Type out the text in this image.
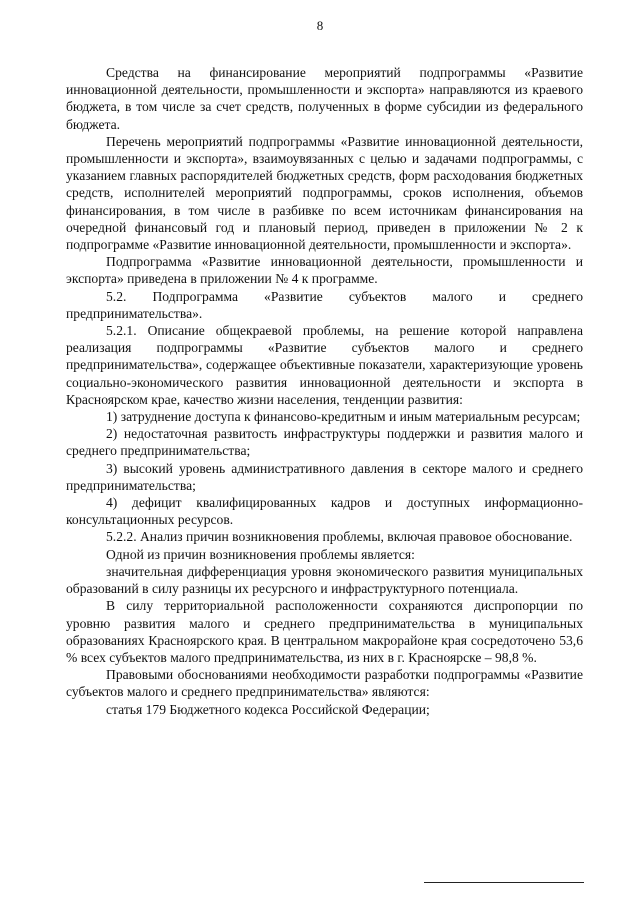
8

Средства на финансирование мероприятий подпрограммы «Развитие инновационной деятельности, промышленности и экспорта» направляются из краевого бюджета, в том числе за счет средств, полученных в форме субсидии из федерального бюджета.

Перечень мероприятий подпрограммы «Развитие инновационной деятельности, промышленности и экспорта», взаимоувязанных с целью и задачами подпрограммы, с указанием главных распорядителей бюджетных средств, форм расходования бюджетных средств, исполнителей мероприятий подпрограммы, сроков исполнения, объемов финансирования, в том числе в разбивке по всем источникам финансирования на очередной финансовый год и плановый период, приведен в приложении № 2 к подпрограмме «Развитие инновационной деятельности, промышленности и экспорта».

Подпрограмма «Развитие инновационной деятельности, промышленности и экспорта» приведена в приложении № 4 к программе.

5.2. Подпрограмма «Развитие субъектов малого и среднего предпринимательства».

5.2.1. Описание общекраевой проблемы, на решение которой направлена реализация подпрограммы «Развитие субъектов малого и среднего предпринимательства», содержащее объективные показатели, характеризующие уровень социально-экономического развития инновационной деятельности и экспорта в Красноярском крае, качество жизни населения, тенденции развития:

1) затруднение доступа к финансово-кредитным и иным материальным ресурсам;

2) недостаточная развитость инфраструктуры поддержки и развития малого и среднего предпринимательства;

3) высокий уровень административного давления в секторе малого и среднего предпринимательства;

4) дефицит квалифицированных кадров и доступных информационно-консультационных ресурсов.

5.2.2. Анализ причин возникновения проблемы, включая правовое обоснование.

Одной из причин возникновения проблемы является:

значительная дифференциация уровня экономического развития муниципальных образований в силу разницы их ресурсного и инфраструктурного потенциала.

В силу территориальной расположенности сохраняются диспропорции по уровню развития малого и среднего предпринимательства в муниципальных образованиях Красноярского края. В центральном макрорайоне края сосредоточено 53,6 % всех субъектов малого предпринимательства, из них в г. Красноярске – 98,8 %.

Правовыми обоснованиями необходимости разработки подпрограммы «Развитие субъектов малого и среднего предпринимательства» являются:

статья 179 Бюджетного кодекса Российской Федерации;
